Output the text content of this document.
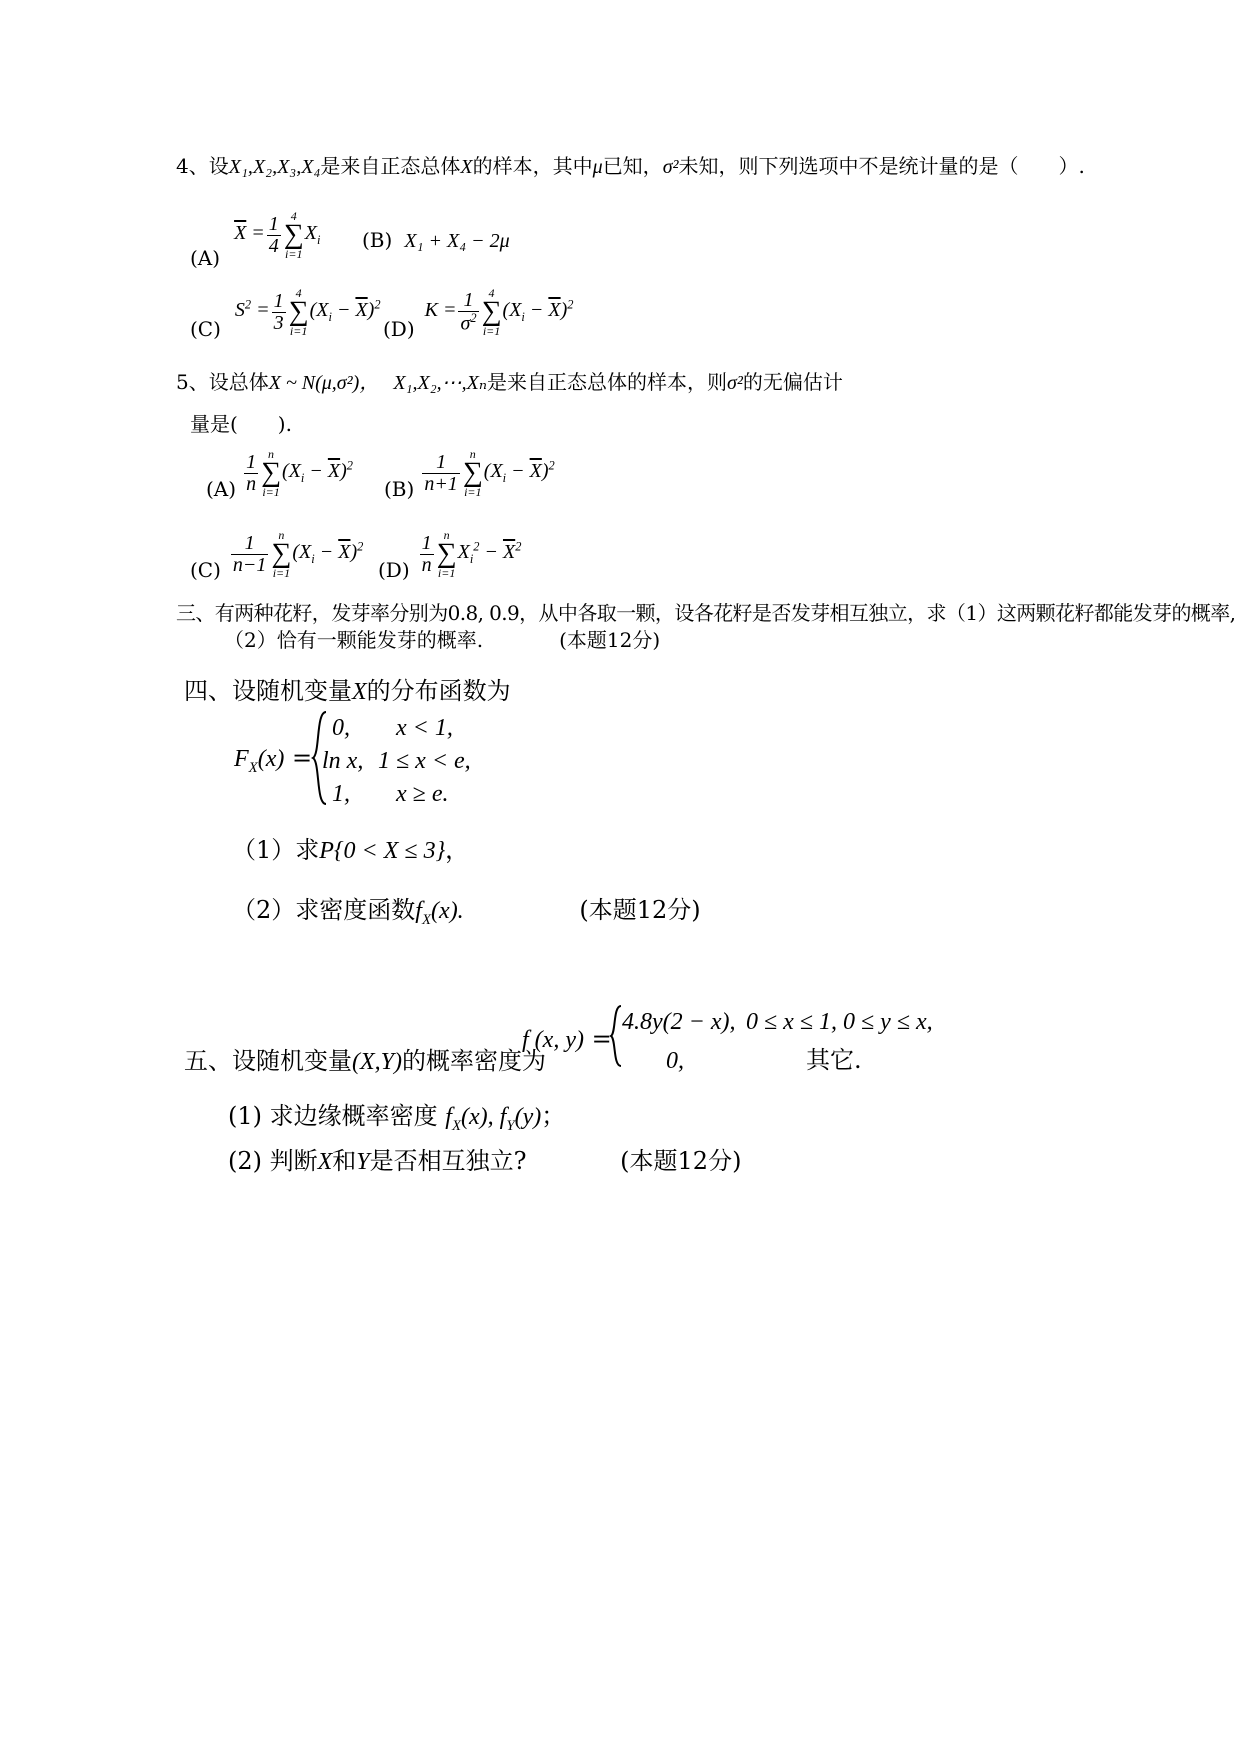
4、设X₁,X₂,X₃,X₄是来自正态总体X的样本，其中μ已知，σ²未知，则下列选项中不是统计量的是（　　）.
(A)
$\overline{X} = \frac{1}{4} 4$
∑
i=1
$X_i$ (B) X₁ + X₄ − 2μ
(C)
$S^2 = \frac{1}{3} 4$
∑
i=1
$(X_i - \overline{X})^2$
(D)
$K = \frac{1}{\sigma^2} 4$
∑
i=1
$(X_i - \overline{X})^2$
5、设总体X ~ N(μ,σ²)， X₁,X₂,⋯,Xₙ是来自正态总体的样本，则σ²的无偏估计
量是(　　).
$(A) \frac{1}{n}$ n
∑
i=1
$(X_i - \overline{X})^2$
$(B) \frac{1}{n+1}$ n
∑
i=1
$(X_i - \overline{X})^2$
$(C) \frac{1}{n-1}$ n
∑
i=1
$(X_i - \overline{X})^2$
$(D) \frac{1}{n}$ n
∑
i=1
$X_i^2 - \overline{X}^2$
三、有两种花籽，发芽率分别为0.8, 0.9，从中各取一颗，设各花籽是否发芽相互独立，求（1）这两颗花籽都能发芽的概率,
（2）恰有一颗能发芽的概率.	(本题12分)
四、设随机变量X的分布函数为
$F_X(x)$ =
0, x < 1,
ln x, 1 ≤ x < e,
1, x ≥ e.
（1）求P{0 < X ≤ 3}，
（2）求密度函数$f_X(x)$.	(本题12分)
五、设随机变量(X,Y)的概率密度为
f (x, y) =
4.8y(2 − x), 0 ≤ x ≤ 1, 0 ≤ y ≤ x,
0,	其它.
(1) 求边缘概率密度 $f_X(x)$, $f_Y(y)$；
(2) 判断X和Y是否相互独立?	(本题12分)
